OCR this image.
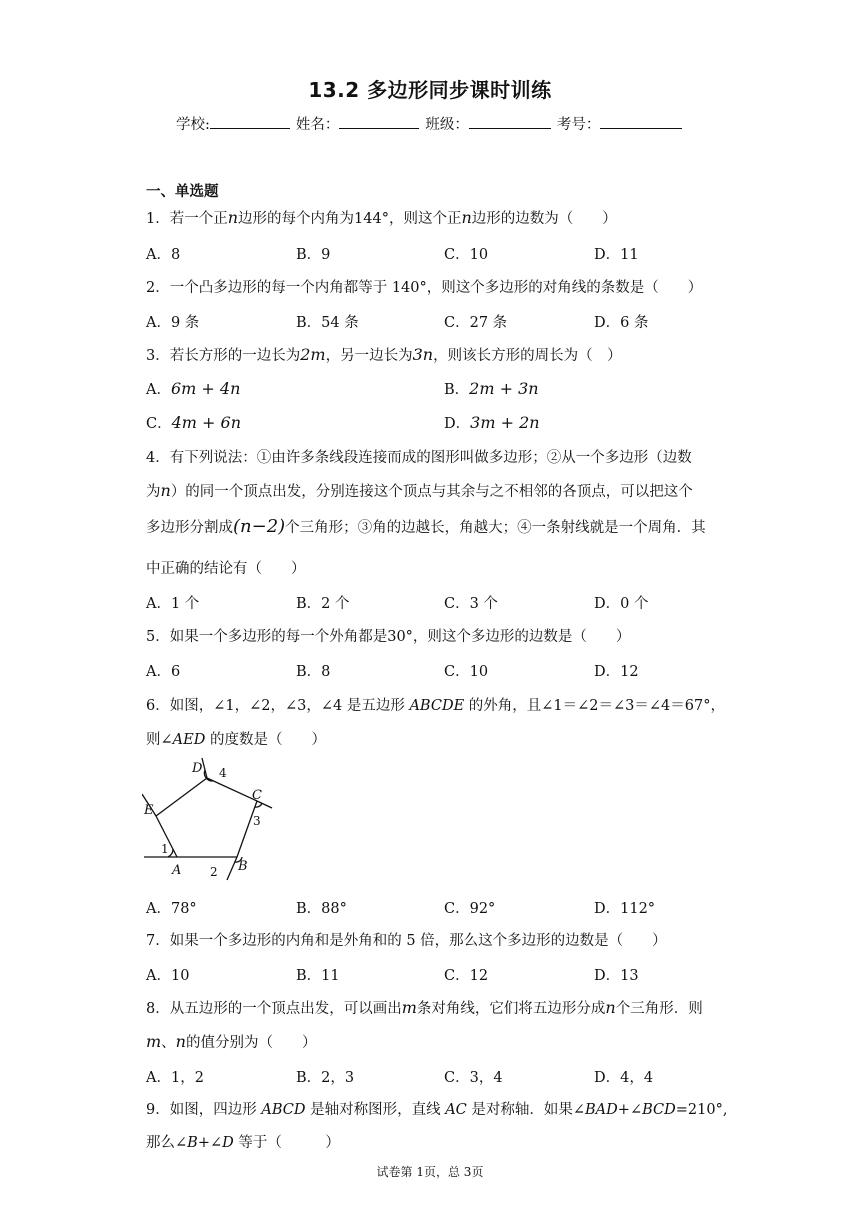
13.2 多边形同步课时训练
学校:	姓名：	班级：	考号：
一、单选题
1．若一个正n边形的每个内角为144°，则这个正n边形的边数为（　　）
A．8	B．9	C．10	D．11
2．一个凸多边形的每一个内角都等于 140°，则这个多边形的对角线的条数是（　　）
A．9 条	B．54 条	C．27 条	D．6 条
3．若长方形的一边长为2m，另一边长为3n，则该长方形的周长为（　）
A．6m + 4n	B．2m + 3n
C．4m + 6n	D．3m + 2n
4．有下列说法：①由许多条线段连接而成的图形叫做多边形；②从一个多边形（边数
为n）的同一个顶点出发，分别连接这个顶点与其余与之不相邻的各顶点，可以把这个
多边形分割成(n−2)个三角形；③角的边越长，角越大；④一条射线就是一个周角．其
中正确的结论有（　　）
A．1 个	B．2 个	C．3 个	D．0 个
5．如果一个多边形的每一个外角都是30°，则这个多边形的边数是（　　）
A．6	B．8	C．10	D．12
6．如图，∠1，∠2，∠3，∠4 是五边形 ABCDE 的外角，且∠1＝∠2＝∠3＝∠4＝67°，
则∠AED 的度数是（　　）
A	B
C
D
E
1
2
3
4
A．78°	B．88°	C．92°	D．112°
7．如果一个多边形的内角和是外角和的 5 倍，那么这个多边形的边数是（　　）
A．10	B．11	C．12	D．13
8．从五边形的一个顶点出发，可以画出m条对角线，它们将五边形分成n个三角形．则
m、n的值分别为（　　）
A．1，2	B．2，3	C．3，4	D．4，4
9．如图，四边形 ABCD 是轴对称图形，直线 AC 是对称轴．如果∠BAD+∠BCD=210°,
那么∠B+∠D 等于（　　　）
试卷第 1页，总 3页
